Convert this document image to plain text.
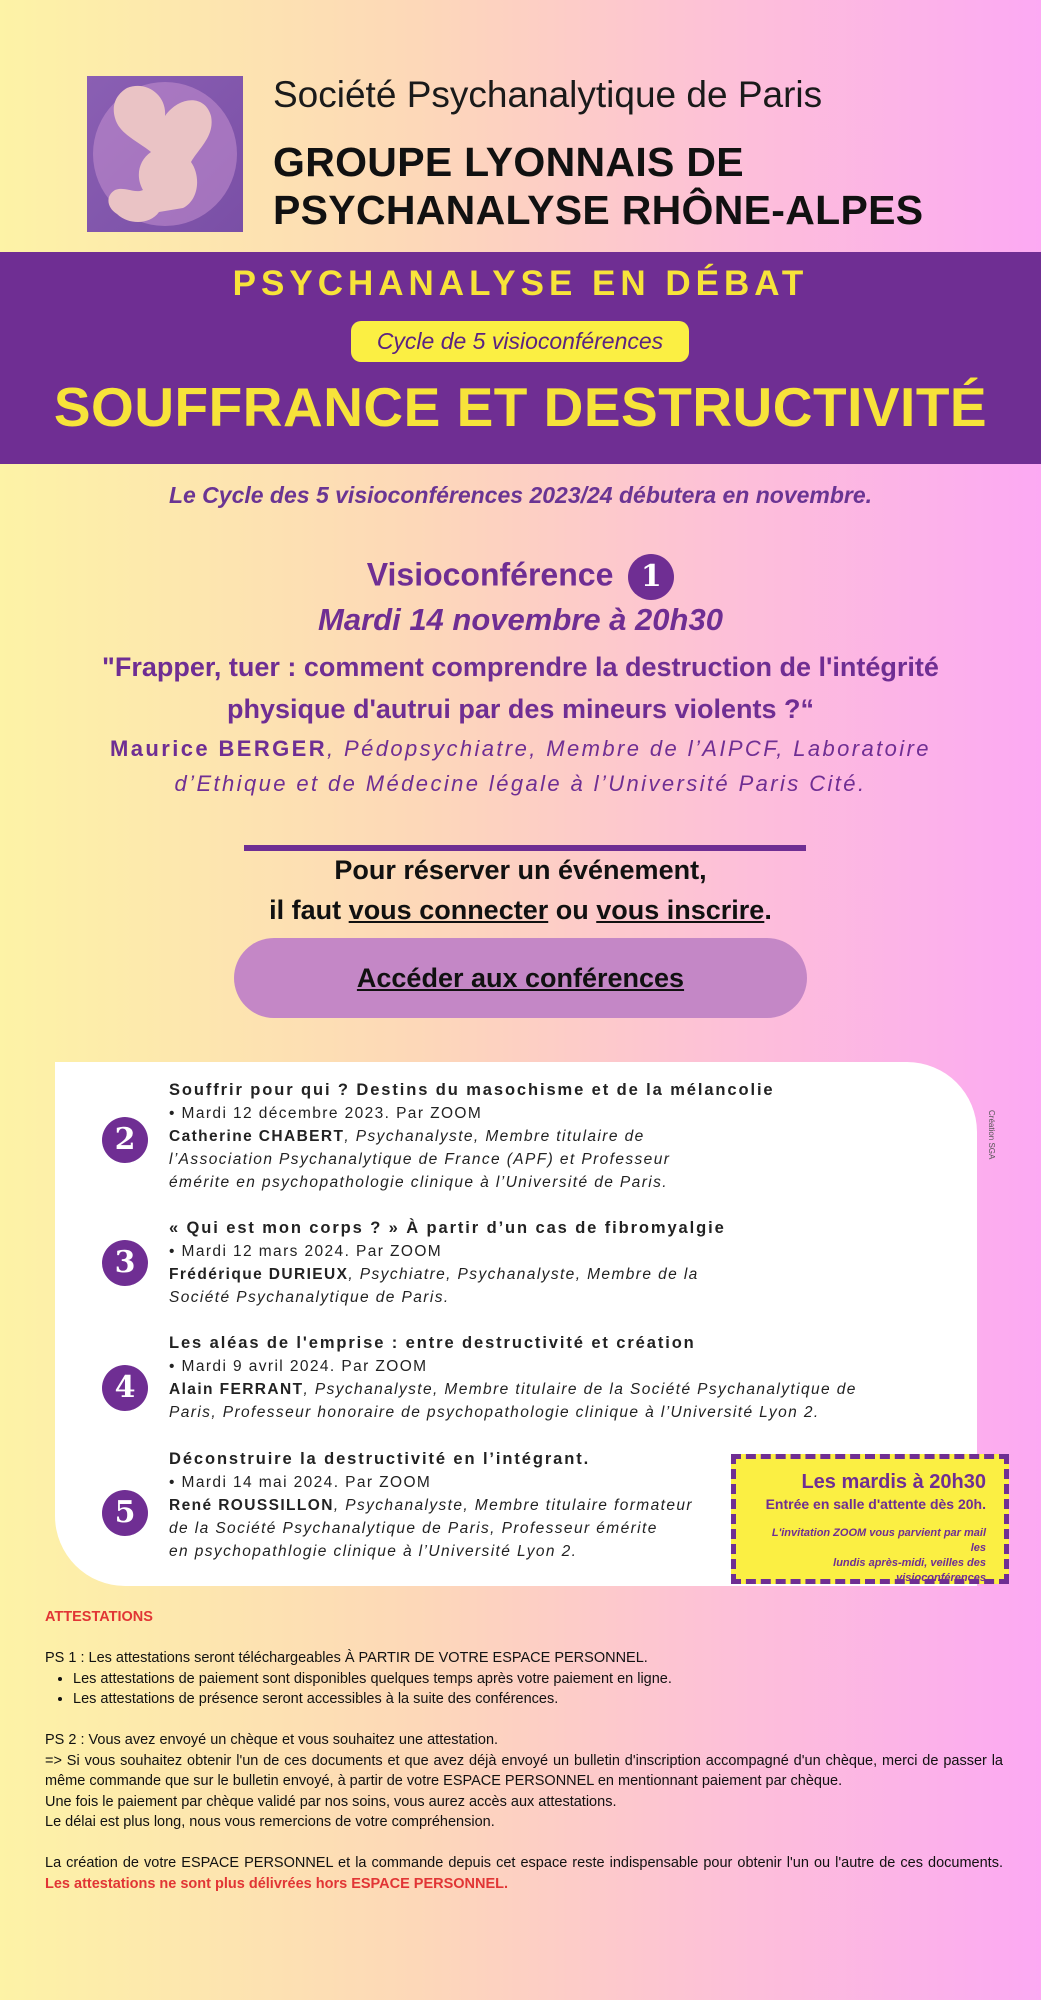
Société Psychanalytique de Paris
GROUPE LYONNAIS DE
PSYCHANALYSE RHÔNE-ALPES
PSYCHANALYSE EN DÉBAT
Cycle de 5 visioconférences
SOUFFRANCE ET DESTRUCTIVITÉ
Le Cycle des 5 visioconférences 2023/24 débutera en novembre.
Visioconférence 1
Mardi 14 novembre à 20h30
"Frapper, tuer : comment comprendre la destruction de l'intégrité
physique d'autrui par des mineurs violents ?“
Maurice BERGER, Pédopsychiatre, Membre de l’AIPCF, Laboratoire
d’Ethique et de Médecine légale à l’Université Paris Cité.
Pour réserver un événement,
il faut vous connecter ou vous inscrire.
Accéder aux conférences
2
Souffrir pour qui ? Destins du masochisme et de la mélancolie
• Mardi 12 décembre 2023. Par ZOOM
Catherine CHABERT, Psychanalyste, Membre titulaire de
l’Association Psychanalytique de France (APF) et Professeur
émérite en psychopathologie clinique à l’Université de Paris.
3
« Qui est mon corps ? » À partir d’un cas de fibromyalgie
• Mardi 12 mars 2024. Par ZOOM
Frédérique DURIEUX, Psychiatre, Psychanalyste, Membre de la
Société Psychanalytique de Paris.
4
Les aléas de l'emprise : entre destructivité et création
• Mardi 9 avril 2024. Par ZOOM
Alain FERRANT, Psychanalyste, Membre titulaire de la Société Psychanalytique de
Paris, Professeur honoraire de psychopathologie clinique à l’Université Lyon 2.
5
Déconstruire la destructivité en l’intégrant.
• Mardi 14 mai 2024. Par ZOOM
René ROUSSILLON, Psychanalyste, Membre titulaire formateur
de la Société Psychanalytique de Paris, Professeur émérite
en psychopathlogie clinique à l’Université Lyon 2.
Création SGA
Les mardis à 20h30
Entrée en salle d'attente dès 20h.
L'invitation ZOOM vous parvient par mail les
lundis après-midi, veilles des visioconférences

ATTESTATIONS

PS 1 : Les attestations seront téléchargeables À PARTIR DE VOTRE ESPACE PERSONNEL.

• Les attestations de paiement sont disponibles quelques temps après votre paiement en ligne.
• Les attestations de présence seront accessibles à la suite des conférences.

PS 2 : Vous avez envoyé un chèque et vous souhaitez une attestation.

=> Si vous souhaitez obtenir l'un de ces documents et que avez déjà envoyé un bulletin d'inscription accompagné d'un chèque, merci de passer la même commande que sur le bulletin envoyé, à partir de votre ESPACE PERSONNEL en mentionnant paiement par chèque.

Une fois le paiement par chèque validé par nos soins, vous aurez accès aux attestations.

Le délai est plus long, nous vous remercions de votre compréhension.

La création de votre ESPACE PERSONNEL et la commande depuis cet espace reste indispensable pour obtenir l'un ou l'autre de ces documents. Les attestations ne sont plus délivrées hors ESPACE PERSONNEL.
